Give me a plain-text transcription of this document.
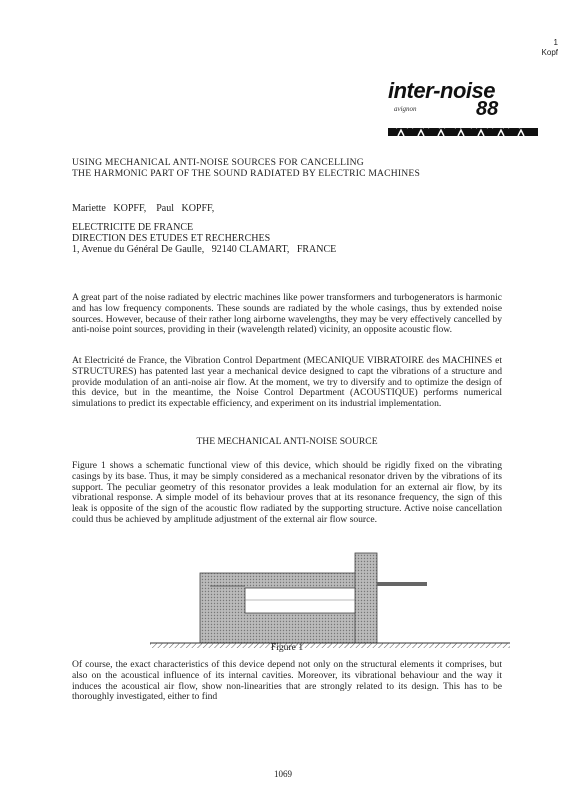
1
Kopf
inter-noise
avignon	88
USING MECHANICAL ANTI-NOISE SOURCES FOR CANCELLING
THE HARMONIC PART OF THE SOUND RADIATED BY ELECTRIC MACHINES
Mariette   KOPFF,    Paul   KOPFF,
ELECTRICITE DE FRANCE
DIRECTION DES ETUDES ET RECHERCHES
1, Avenue du Général De Gaulle,   92140 CLAMART,   FRANCE
A great part of the noise radiated by electric machines like power transformers and turbogenerators is harmonic and has low frequency components. These sounds are radiated by the whole casings, thus by extended noise sources. However, because of their rather long airborne wavelengths, they may be very effectively cancelled by anti-noise point sources, providing in their (wavelength related) vicinity, an opposite acoustic flow.
At Electricité de France, the Vibration Control Department (MECANIQUE VIBRATOIRE des MACHINES et STRUCTURES) has patented last year a mechanical device designed to capt the vibrations of a structure and provide modulation of an anti-noise air flow. At the moment, we try to diversify and to optimize the design of this device, but in the meantime, the Noise Control Department (ACOUSTIQUE) performs numerical simulations to predict its expectable efficiency, and experiment on its industrial implementation.
THE MECHANICAL ANTI-NOISE SOURCE
Figure 1 shows a schematic functional view of this device, which should be rigidly fixed on the vibrating casings by its base. Thus, it may be simply considered as a mechanical resonator driven by the vibrations of its support. The peculiar geometry of this resonator provides a leak modulation for an external air flow, by its vibrational response. A simple model of its behaviour proves that at its resonance frequency, the sign of this leak is opposite of the sign of the acoustic flow radiated by the supporting structure. Active noise cancellation could thus be achieved by amplitude adjustment of the external air flow source.
Figure 1
Of course, the exact characteristics of this device depend not only on the structural elements it comprises, but also on the acoustical influence of its internal cavities. Moreover, its vibrational behaviour and the way it induces the acoustical air flow, show non-linearities that are strongly related to its design. This has to be thoroughly investigated, either to find
1069
